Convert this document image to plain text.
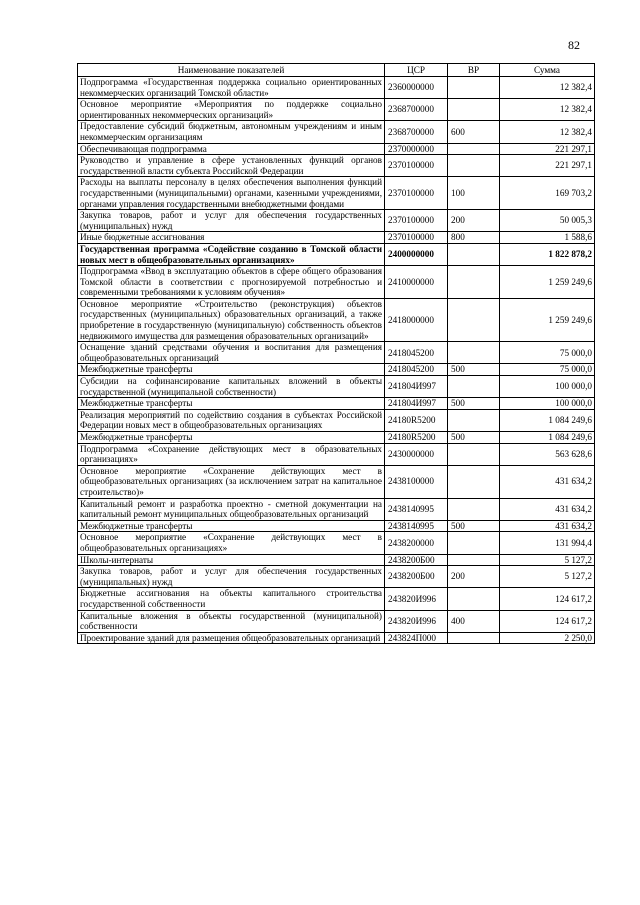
82
Наименование показателей	ЦСР	ВР	Сумма
Подпрограмма «Государственная поддержка социально ориентированных некоммерческих организаций Томской области»	2360000000		12 382,4
Основное мероприятие «Мероприятия по поддержке социально ориентированных некоммерческих организаций»	2368700000		12 382,4
Предоставление субсидий бюджетным, автономным учреждениям и иным некоммерческим организациям	2368700000	600	12 382,4
Обеспечивающая подпрограмма	2370000000		221 297,1
Руководство и управление в сфере установленных функций органов государственной власти субъекта Российской Федерации	2370100000		221 297,1
Расходы на выплаты персоналу в целях обеспечения выполнения функций государственными (муниципальными) органами, казенными учреждениями, органами управления государственными внебюджетными фондами	2370100000	100	169 703,2
Закупка товаров, работ и услуг для обеспечения государственных (муниципальных) нужд	2370100000	200	50 005,3
Иные бюджетные ассигнования	2370100000	800	1 588,6
Государственная программа «Содействие созданию в Томской области новых мест в общеобразовательных организациях»	2400000000		1 822 878,2
Подпрограмма «Ввод в эксплуатацию объектов в сфере общего образования Томской области в соответствии с прогнозируемой потребностью и современными требованиями к условиям обучения»	2410000000		1 259 249,6
Основное мероприятие «Строительство (реконструкция) объектов государственных (муниципальных) образовательных организаций, а также приобретение в государственную (муниципальную) собственность объектов недвижимого имущества для размещения образовательных организаций»	2418000000		1 259 249,6
Оснащение зданий средствами обучения и воспитания для размещения общеобразовательных организаций	2418045200		75 000,0
Межбюджетные трансферты	2418045200	500	75 000,0
Субсидии на софинансирование капитальных вложений в объекты государственной (муниципальной собственности)	241804И997		100 000,0
Межбюджетные трансферты	241804И997	500	100 000,0
Реализация мероприятий по содействию создания в субъектах Российской Федерации новых мест в общеобразовательных организациях	24180R5200		1 084 249,6
Межбюджетные трансферты	24180R5200	500	1 084 249,6
Подпрограмма «Сохранение действующих мест в образовательных организациях»	2430000000		563 628,6
Основное мероприятие «Сохранение действующих мест в общеобразовательных организациях (за исключением затрат на капитальное строительство)»	2438100000		431 634,2
Капитальный ремонт и разработка проектно - сметной документации на капитальный ремонт муниципальных общеобразовательных организаций	2438140995		431 634,2
Межбюджетные трансферты	2438140995	500	431 634,2
Основное мероприятие «Сохранение действующих мест в общеобразовательных организациях»	2438200000		131 994,4
Школы-интернаты	2438200Б00		5 127,2
Закупка товаров, работ и услуг для обеспечения государственных (муниципальных) нужд	2438200Б00	200	5 127,2
Бюджетные ассигнования на объекты капитального строительства государственной собственности	243820И996		124 617,2
Капитальные вложения в объекты государственной (муниципальной) собственности	243820И996	400	124 617,2
Проектирование зданий для размещения общеобразовательных организаций	243824П000		2 250,0
